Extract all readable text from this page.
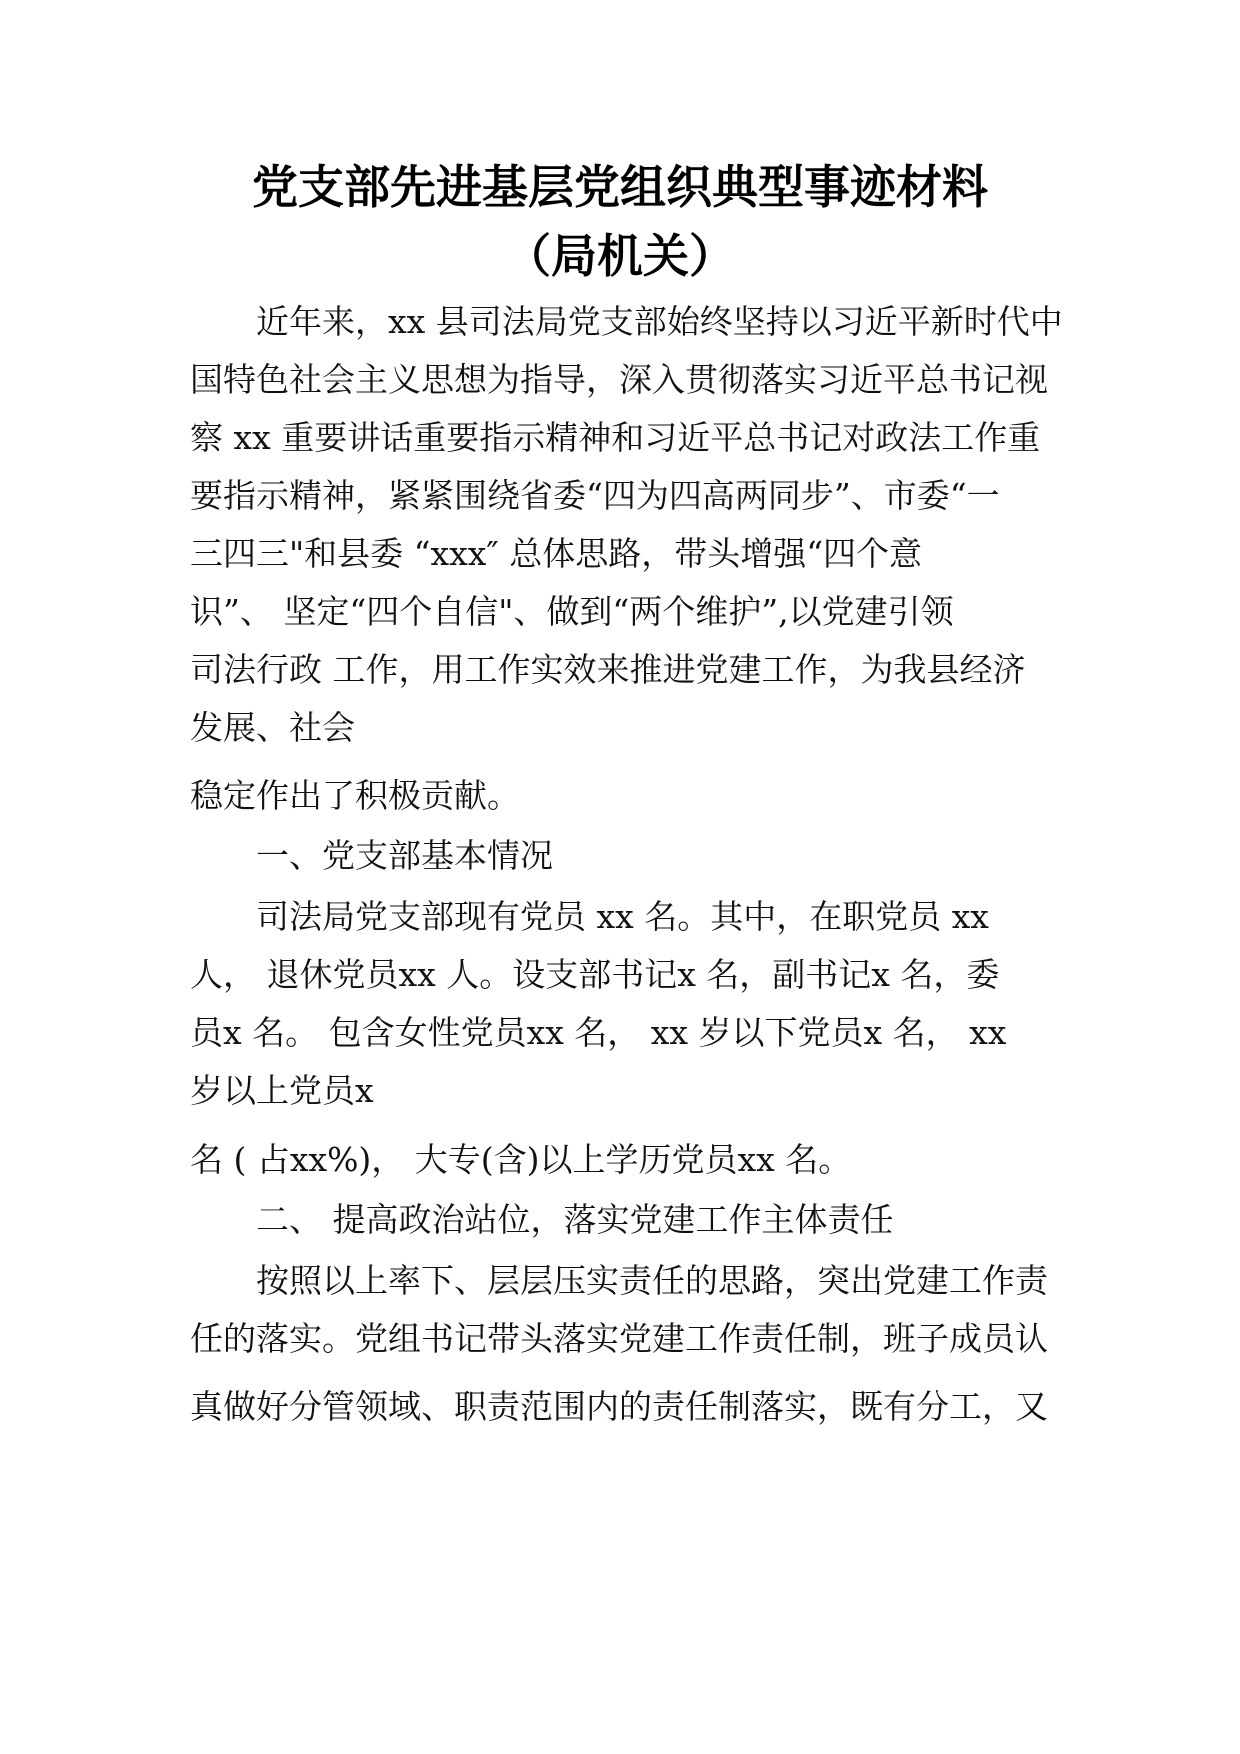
党支部先进基层党组织典型事迹材料
（局机关）

近年来，xx 县司法局党支部始终坚持以习近平新时代中

国特色社会主义思想为指导，深入贯彻落实习近平总书记视

察 xx 重要讲话重要指示精神和习近平总书记对政法工作重

要指示精神，紧紧围绕省委“四为四高两同步”、市委“一

三四三"和县委 “xxx″ 总体思路，带头增强“四个意

识”、 坚定“四个自信"、做到“两个维护”,以党建引领

司法行政 工作，用工作实效来推进党建工作，为我县经济

发展、社会

稳定作出了积极贡献。

一、党支部基本情况

司法局党支部现有党员 xx 名。其中，在职党员 xx

人， 退休党员xx 人。设支部书记x 名，副书记x 名，委

员x 名。 包含女性党员xx 名， xx 岁以下党员x 名， xx

岁以上党员x

名 ( 占xx%)， 大专(含)以上学历党员xx 名。

二、 提高政治站位，落实党建工作主体责任

按照以上率下、层层压实责任的思路，突出党建工作责

任的落实。党组书记带头落实党建工作责任制，班子成员认

真做好分管领域、职责范围内的责任制落实，既有分工，又
